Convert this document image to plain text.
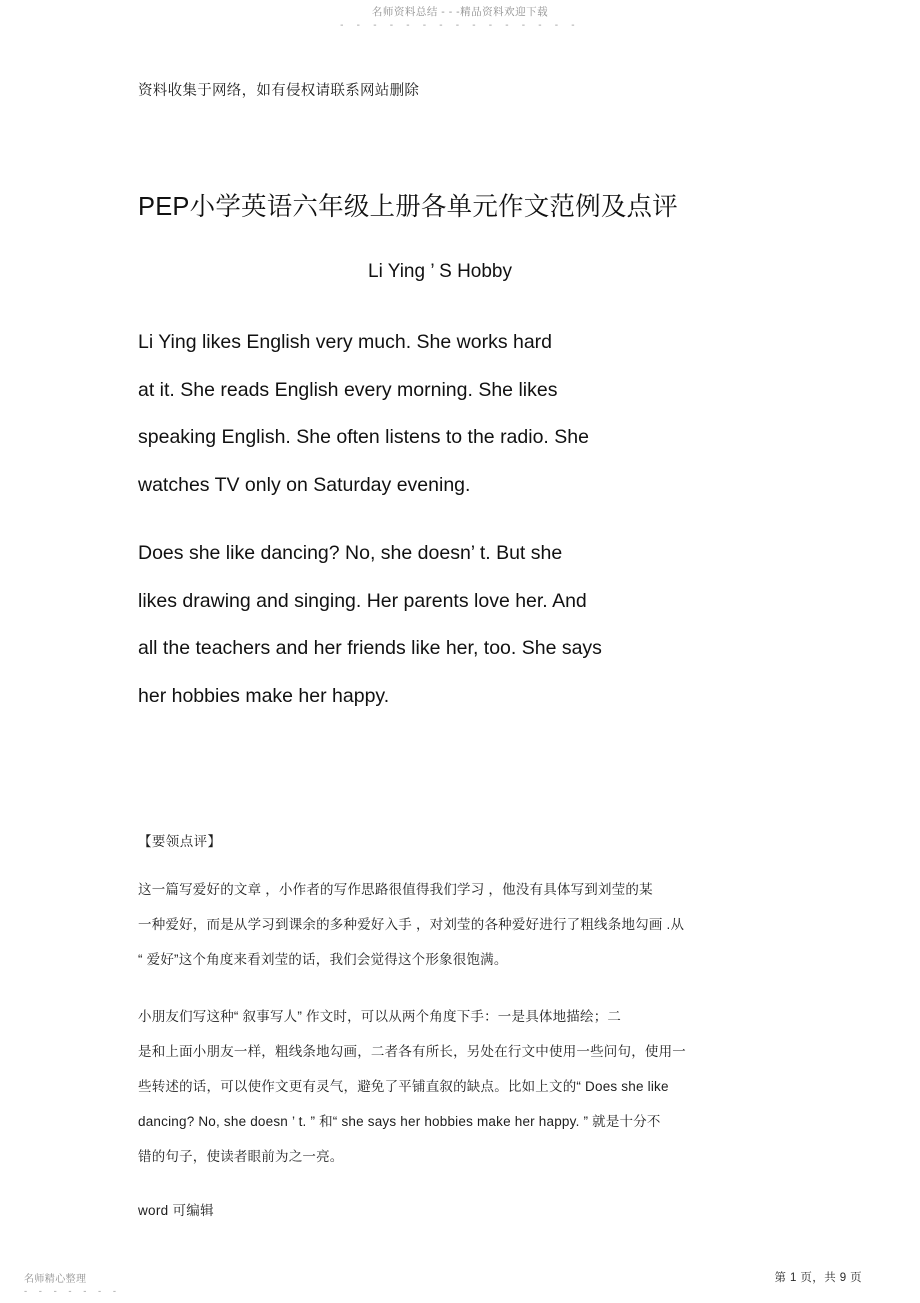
名师资料总结 - - -精品资料欢迎下载
- - - - - - - - - - - - - - -
资料收集于网络，如有侵权请联系网站删除
PEP小学英语六年级上册各单元作文范例及点评
Li Ying ’ S Hobby

Li Ying likes English very much. She works hard

at it. She reads English every morning. She likes

speaking English. She often listens to the radio. She

watches TV only on Saturday evening.

Does she like dancing? No, she doesn’ t. But she

likes drawing and singing. Her parents love her. And

all the teachers and her friends like her, too. She says

her hobbies make her happy.

【要领点评】

这一篇写爱好的文章 ，小作者的写作思路很值得我们学习 ，他没有具体写到刘莹的某

一种爱好，而是从学习到课余的多种爱好入手 ，对刘莹的各种爱好进行了粗线条地勾画 .从

“ 爱好”这个角度来看刘莹的话，我们会觉得这个形象很饱满。

小朋友们写这种“ 叙事写人” 作文时，可以从两个角度下手：一是具体地描绘；二

是和上面小朋友一样，粗线条地勾画，二者各有所长，另处在行文中使用一些问句，使用一

些转述的话，可以使作文更有灵气，避免了平铺直叙的缺点。比如上文的“ Does she like

dancing? No, she doesn ’ t. ” 和“ she says her hobbies make her happy. ” 就是十分不

错的句子，使读者眼前为之一亮。

word 可编辑
名师精心整理
- - - - - - -
第 1 页，共 9 页
